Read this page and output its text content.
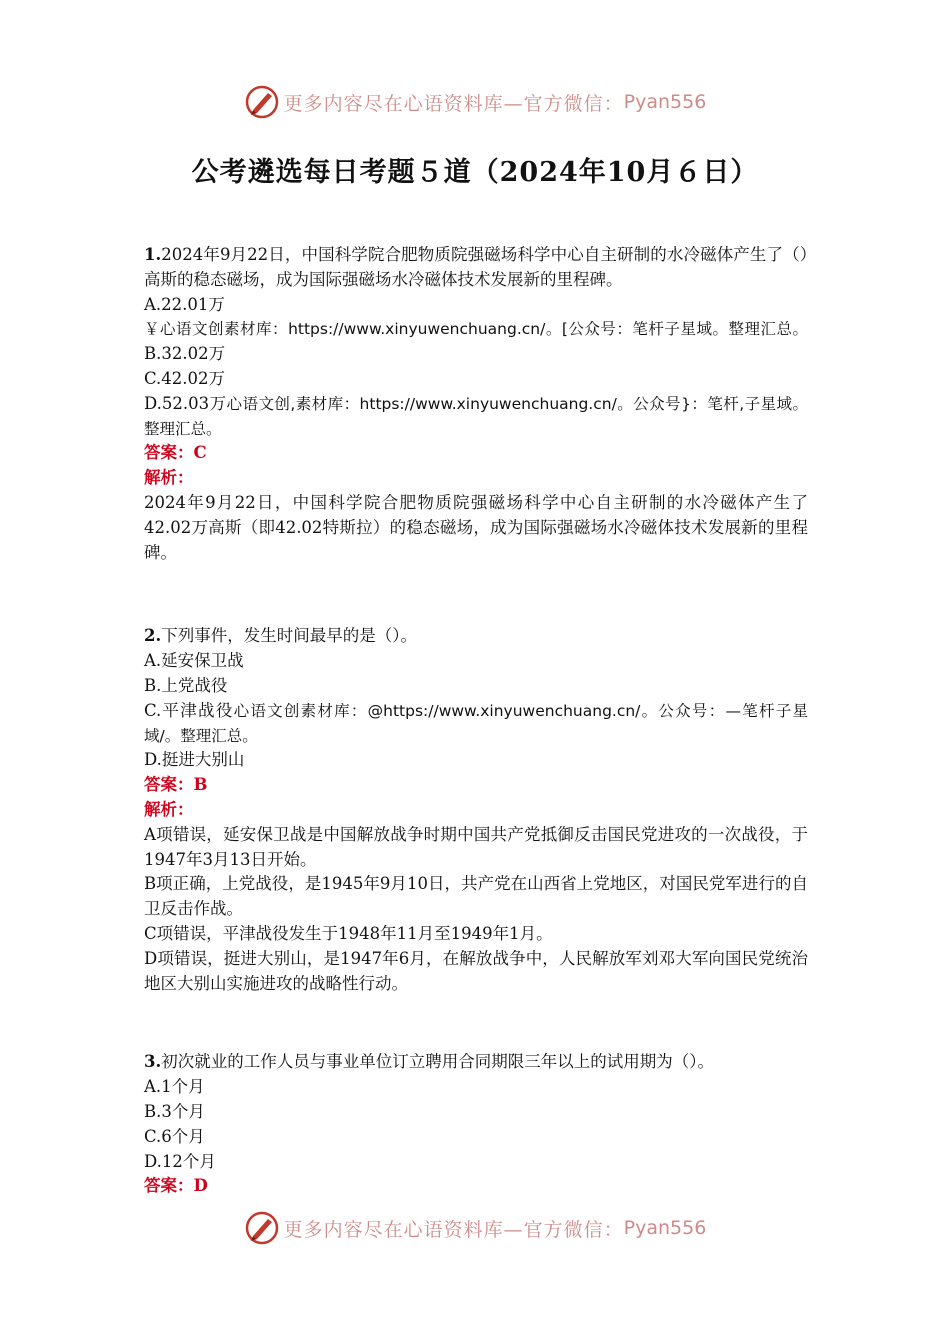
更多内容尽在心语资料库—官方微信： Pyan556
公考遴选每日考题５道（2024年10月６日）

1.2024年9月22日，中国科学院合肥物质院强磁场科学中心自主研制的水冷磁体产生了（）高斯的稳态磁场，成为国际强磁场水冷磁体技术发展新的里程碑。

A.22.01万

￥心语文创素材库：https://www.xinyuwenchuang.cn/。[公众号：笔杆子星域。整理汇总。B.32.02万

C.42.02万

D.52.03万心语文创,素材库：https://www.xinyuwenchuang.cn/。公众号}：笔杆,子星域。整理汇总。

答案：C

解析：

2024年9月22日，中国科学院合肥物质院强磁场科学中心自主研制的水冷磁体产生了42.02万高斯（即42.02特斯拉）的稳态磁场，成为国际强磁场水冷磁体技术发展新的里程碑。

2.下列事件，发生时间最早的是（）。

A.延安保卫战

B.上党战役

C.平津战役心语文创素材库：@https://www.xinyuwenchuang.cn/。公众号：—笔杆子星域/。整理汇总。

D.挺进大别山

答案：B

解析：

A项错误，延安保卫战是中国解放战争时期中国共产党抵御反击国民党进攻的一次战役，于1947年3月13日开始。

B项正确，上党战役，是1945年9月10日，共产党在山西省上党地区，对国民党军进行的自卫反击作战。

C项错误，平津战役发生于1948年11月至1949年1月。

D项错误，挺进大别山，是1947年6月，在解放战争中，人民解放军刘邓大军向国民党统治地区大别山实施进攻的战略性行动。

3.初次就业的工作人员与事业单位订立聘用合同期限三年以上的试用期为（）。

A.1个月

B.3个月

C.6个月

D.12个月

答案：D

更多内容尽在心语资料库—官方微信： Pyan556
